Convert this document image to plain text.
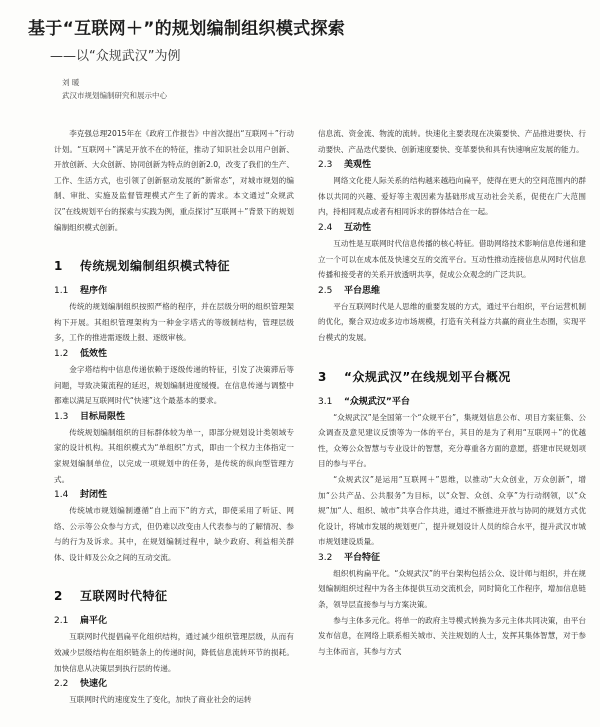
基于“互联网＋”的规划编制组织模式探索
——以“众规武汉”为例
刘 暖
武汉市规划编制研究和展示中心

李克强总理2015年在《政府工作报告》中首次提出“互联网＋”行动计划。“互联网＋”满足开放不在的特征，推动了知识社会以用户创新、开放创新、大众创新、协同创新为特点的创新2.0，改变了我们的生产、工作、生活方式，也引领了创新驱动发展的“新常态”，对城市规划的编制、审批、实施及监督管理模式产生了新的需求。本文通过“众规武汉”在线规划平台的探索与实践为例，重点探讨“互联网＋”背景下的规划编制组织模式创新。

1 传统规划编制组织模式特征
1.1 程序作

传统的规划编制组织按照严格的程序，并在层级分明的组织管理架构下开展。其组织管理架构为一种金字塔式的等级制结构，管理层级多，工作的推进需逐级上报、逐级审核。

1.2 低效性

金字塔结构中信息传递依赖于逐级传递的特征，引发了决策滞后等问题，导致决策流程的延迟，规划编制进度缓慢。在信息传递与调整中都难以满足互联网时代“快速”这个最基本的要求。

1.3 目标局限性

传统规划编制组织的目标群体较为单一，即部分规划设计类领域专家的设计机构。其组织模式为“单组织”方式，即由一个权力主体指定一家规划编制单位，以完成一项规划中的任务，是传统的纵向型管理方式。

1.4 封闭性

传统城市规划编制遵循“自上而下”的方式，即使采用了听证、网络、公示等公众参与方式，但仍难以改变由人代表参与的了解情况、参与的行为及诉求。其中，在规划编制过程中，缺少政府、利益相关群体、设计师及公众之间的互动交流。

2 互联网时代特征
2.1 扁平化

互联网时代提倡扁平化组织结构，通过减少组织管理层级，从而有效减少层级结构在组织链条上的传递时间，降低信息流转环节的损耗。加快信息从决策层到执行层的传递。

2.2 快速化

互联网时代的速度发生了变化，加快了商业社会的运转

信息流、资金流、物流的流转。快速化主要表现在决策要快、产品推进要快、行动要快、产品迭代要快、创新速度要快、变革要快和具有快速响应发展的能力。

2.3 美观性

网络文化使人际关系的结构越来越趋向扁平，使得在更大的空间范围内的群体以共同的兴趣、爱好等主观因素为基础形成互动社会关系，促使在广大范围内，持相同观点或者有相同诉求的群体结合在一起。

2.4 互动性

互动性是互联网时代信息传播的核心特征。借助网络技术影响信息传递和建立一个可以在成本低及快速交互的交流平台。互动性推动连接信息从网时代信息传播和接受者的关系开放透明共享，促成公众观念的广泛共识。

2.5 平台思维

平台互联网时代是人思维的重要发展的方式，通过平台组织，平台运营机制的优化，聚合双边或多边市场规模，打造有关利益方共赢的商业生态圈，实现平台模式的发展。

3 “众规武汉”在线规划平台概况
3.1 “众规武汉”平台

“众规武汉”是全国第一个“众规平台”，集规划信息公布、项目方案征集、公众调查及意见建议反馈等为一体的平台，其目的是为了利用“互联网＋”的优越性，众筹公众智慧与专业设计的智慧，充分尊重各方面的意愿，搭建市民规划项目的参与平台。

“众规武汉”是运用“互联网＋”思维，以推动“大众创业，万众创新”，增加“公共产品、公共服务”为目标，以“众智、众创、众享”为行动纲领，以“众规”加“人、组织、城市”共享合作共进，通过不断推进开放与协同的规划方式优化设计，将城市发展的规划更广，提升规划设计人员的综合水平，提升武汉市城市规划建设质量。

3.2 平台特征

组织机构扁平化。“众规武汉”的平台架构包括公众、设计师与组织，并在规划编制组织过程中为各主体提供互动交流机会，同时简化工作程序，增加信息链条，领导层直接参与与方案决策。

参与主体多元化。将单一的政府主导模式转换为多元主体共同决策，由平台发布信息，在网络上联系相关城市、关注规划的人士，发挥其集体智慧，对于参与主体而言，其参与方式
